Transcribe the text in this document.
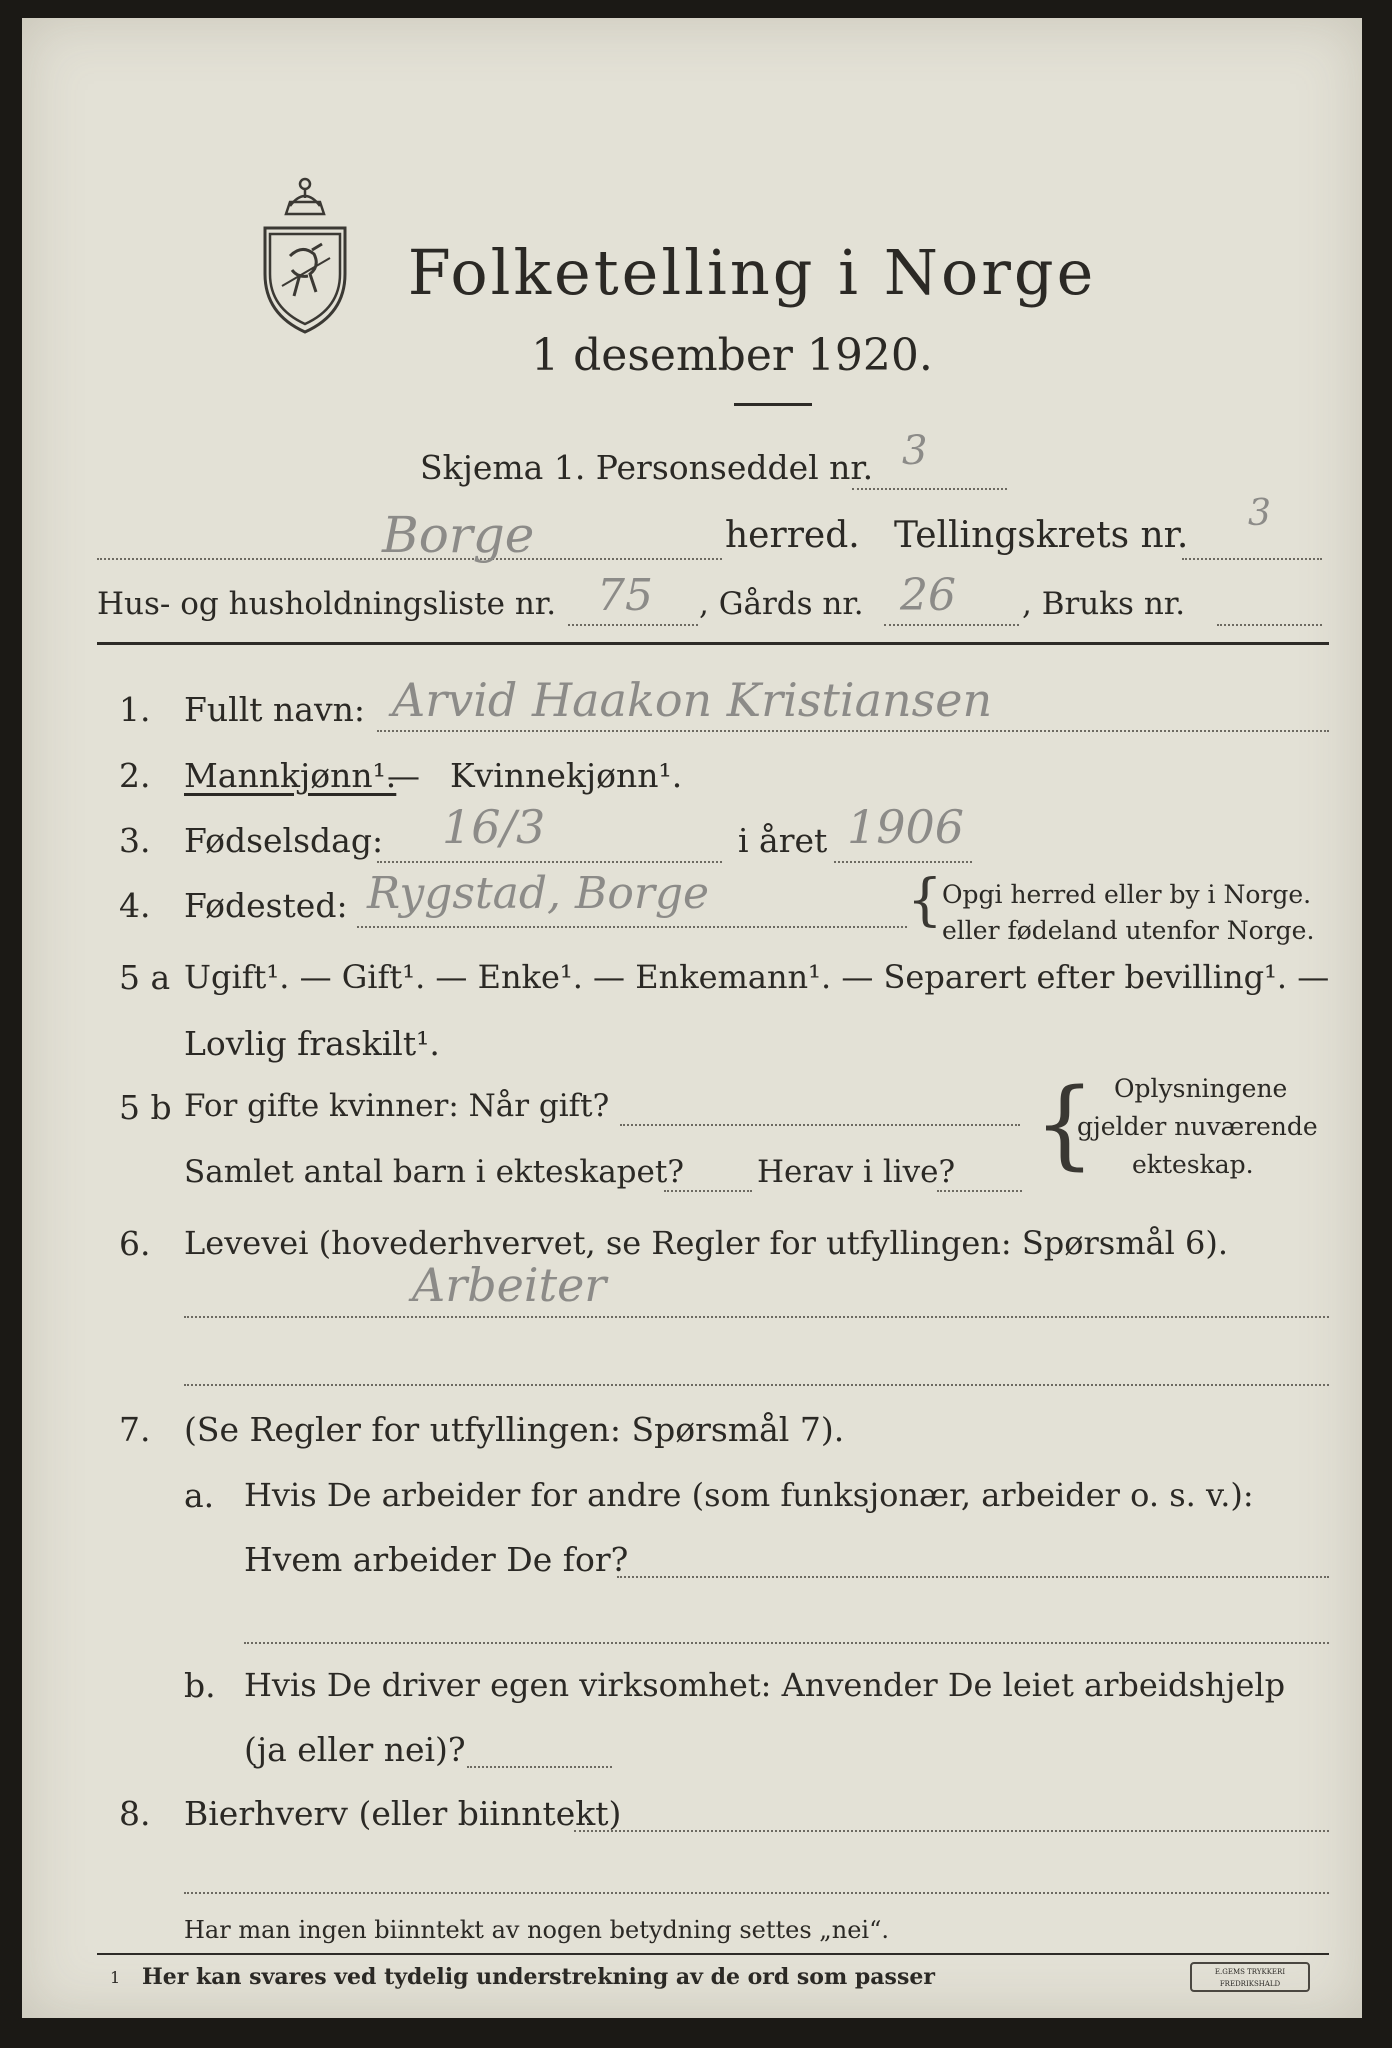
Folketelling i Norge
1 desember 1920.
Skjema 1. Personseddel nr. 3
Borge	herred. Tellingskrets nr.
3
Hus- og husholdningsliste nr. 75 , Gårds nr. 26 , Bruks nr.
1. Fullt navn: Arvid Haakon Kristiansen
2. Mannkjønn¹.
— Kvinnekjønn¹.
3. Fødselsdag: 16/3	i året 1906
4. Fødested: Rygstad, Borge	{ Opgi herred eller by i Norge.
eller fødeland utenfor Norge.
5 a Ugift¹. — Gift¹. — Enke¹. — Enkemann¹. — Separert efter bevilling¹. —
Lovlig fraskilt¹.
5 b For gifte kvinner: Når gift?
Samlet antal barn i ekteskapet? Herav i live? { Oplysningene
gjelder nuværende
ekteskap.
6. Levevei (hovederhvervet, se Regler for utfyllingen: Spørsmål 6).
Arbeiter
7. (Se Regler for utfyllingen: Spørsmål 7).
a. Hvis De arbeider for andre (som funksjonær, arbeider o. s. v.):
Hvem arbeider De for?
b. Hvis De driver egen virksomhet: Anvender De leiet arbeidshjelp
(ja eller nei)?
8. Bierhverv (eller biinntekt)
Har man ingen biinntekt av nogen betydning settes „nei“.
1 Her kan svares ved tydelig understrekning av de ord som passer	E.GEMS TRYKKERI
FREDRIKSHALD
